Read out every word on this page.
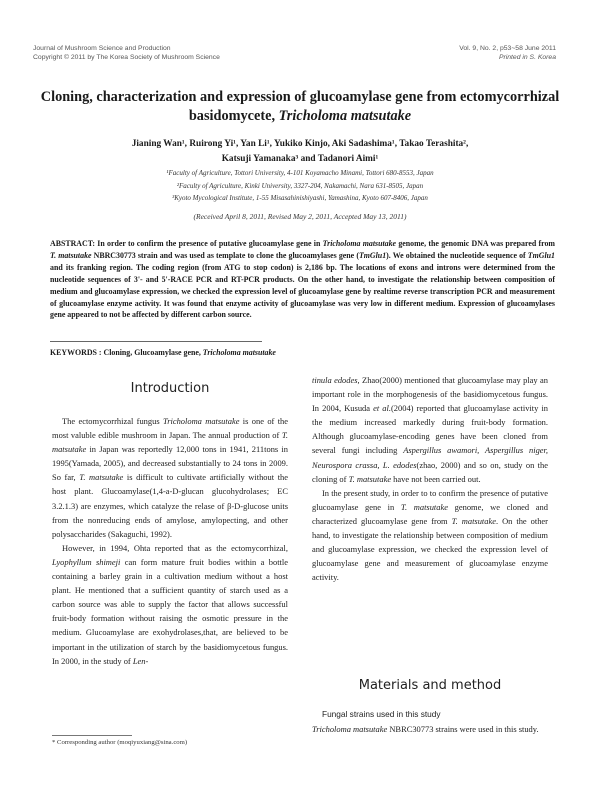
Journal of Mushroom Science and Production
Copyright © 2011 by The Korea Society of Mushroom Science
Vol. 9, No. 2, p53~58 June 2011
Printed in S. Korea
Cloning, characterization and expression of glucoamylase gene from ectomycorrhizal
basidomycete, Tricholoma matsutake
Jianing Wan¹, Ruirong Yi¹, Yan Li¹, Yukiko Kinjo, Aki Sadashima¹, Takao Terashita²,
Katsuji Yamanaka³ and Tadanori Aimi¹
¹Faculty of Agriculture, Tottori University, 4-101 Koyamacho Minami, Tottori 680-8553, Japan
²Faculty of Agriculture, Kinki University, 3327-204, Nakamachi, Nara 631-8505, Japan
³Kyoto Mycological Institute, 1-55 Misasahinishiyashi, Yamashina, Kyoto 607-8406, Japan
(Received April 8, 2011, Revised May 2, 2011, Accepted May 13, 2011)
ABSTRACT: In order to confirm the presence of putative glucoamylase gene in Tricholoma matsutake genome, the genomic DNA was prepared from T. matsutake NBRC30773 strain and was used as template to clone the glucoamylases gene (TmGlu1). We obtained the nucleotide sequence of TmGlu1 and its franking region. The coding region (from ATG to stop codon) is 2,186 bp. The locations of exons and introns were determined from the nucleotide sequences of 3'- and 5'-RACE PCR and RT-PCR products. On the other hand, to investigate the relationship between composition of medium and glucoamylase expression, we checked the expression level of glucoamylase gene by realtime reverse transcription PCR and measurement of glucoamylase enzyme activity. It was found that enzyme activity of glucoamylase was very low in different medium. Expression of glucoamylases gene appeared to not be affected by different carbon source.
KEYWORDS : Cloning, Glucoamylase gene, Tricholoma matsutake
Introduction

The ectomycorrhizal fungus Tricholoma matsutake is one of the most valuble edible mushroom in Japan. The annual production of T. matsutake in Japan was reportedly 12,000 tons in 1941, 211tons in 1995(Yamada, 2005), and decreased substantially to 24 tons in 2009. So far, T. matsutake is difficult to cultivate artificially without the host plant. Glucoamylase(1,4-a-D-glucan glucohydrolases; EC 3.2.1.3) are enzymes, which catalyze the relase of β-D-glucose units from the nonreducing ends of amylose, amylopecting, and other polysaccharides (Sakaguchi, 1992).

However, in 1994, Ohta reported that as the ectomycorrhizal, Lyophyllum shimeji can form mature fruit bodies within a bottle containing a barley grain in a cultivation medium without a host plant. He mentioned that a sufficient quantity of starch used as a carbon source was able to supply the factor that allows successful fruit-body formation without raising the osmotic pressure in the medium. Glucoamylase are exohydrolases,that, are believed to be important in the utilization of starch by the basidiomycetous fungus. In 2000, in the study of Len-

tinula edodes, Zhao(2000) mentioned that glucoamylase may play an important role in the morphogenesis of the basidiomycetous fungus. In 2004, Kusuda et al.(2004) reported that glucoamylase activity in the medium increased markedly during fruit-body formation. Although glucoamylase-encoding genes have been cloned from several fungi including Aspergillus awamori, Aspergillus niger, Neurospora crassa, L. edodes(zhao, 2000) and so on, study on the cloning of T. matsutake have not been carried out.

In the present study, in order to to confirm the presence of putative glucoamylase gene in T. matsutake genome, we cloned and characterized glucoamylase gene from T. matsutake. On the other hand, to investigate the relationship between composition of medium and glucoamylase expression, we checked the expression level of glucoamylase gene and measurement of glucoamylase enzyme activity.

Materials and method
Fungal strains used in this study
Tricholoma matsutake NBRC30773 strains were used in this study.
* Corresponding author (moqiyuxiang@sina.com)
